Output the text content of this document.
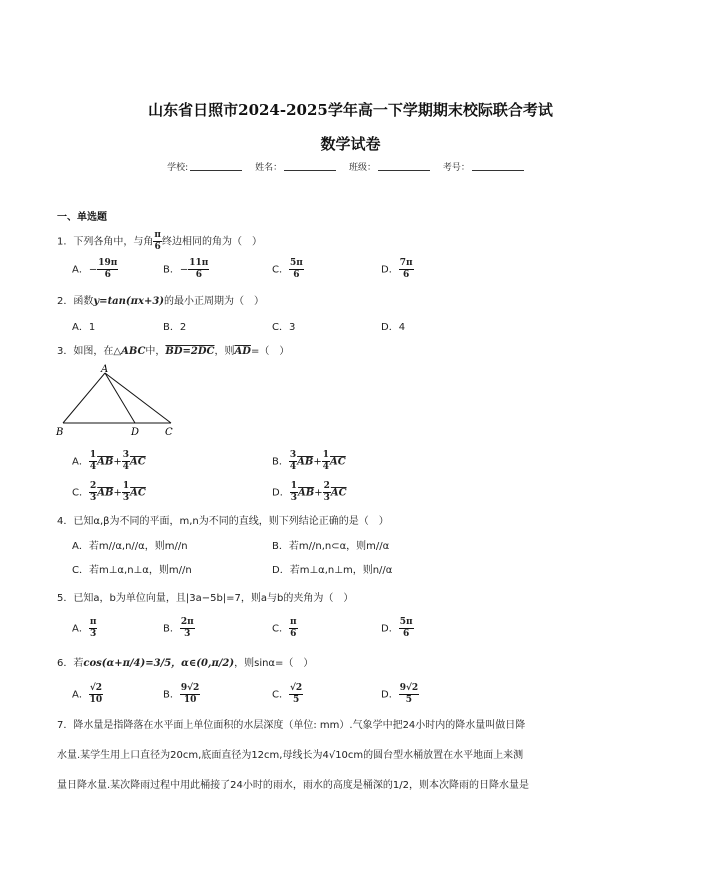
山东省日照市2024-2025学年高一下学期期末校际联合考试
数学试卷
学校:	姓名：	班级：	考号：
一、单选题
1．下列各角中，与角 $\frac{\pi}{6}$ 终边相同的角为（　）
A．− $\frac{19\pi}{6}$	B．− $\frac{11\pi}{6}$	C． $\frac{5\pi}{6}$	D． $\frac{7\pi}{6}$
2．函数y=tan(πx+3)的最小正周期为（　）
A．1	B．2	C．3	D．4
3．如图，在△ABC中，BD=2DC，则$\overline{AD}=$（　）
A
B	D	C
A． $\frac{1}{4} \overline{AB}+ \frac{3}{4} \overline{AC}$	B． $\frac{3}{4} \overline{AB}+ \frac{1}{4} \overline{AC}$
C． $\frac{2}{3} \overline{AB}+ \frac{1}{3} \overline{AC}$	D． $\frac{1}{3} \overline{AB}+ \frac{2}{3} \overline{AC}$
4．已知α,β为不同的平面，m,n为不同的直线，则下列结论正确的是（　）
A．若m//α,n//α，则m//n	B．若m//n,n⊂α，则m//α
C．若m⊥α,n⊥α，则m//n	D．若m⊥α,n⊥m，则n//α
5．已知a，b为单位向量，且|3a−5b|=7，则a与b的夹角为（　）
A． $\frac{\pi}{3}$	B． $\frac{2\pi}{3}$	C． $\frac{\pi}{6}$	D． $\frac{5\pi}{6}$
6．若cos(α+π/4)=3/5，α∈(0,π/2)，则sinα=（　）
A． $\frac{√2}{10}$	B． $\frac{9√2}{10}$	C． $\frac{√2}{5}$	D． $\frac{9√2}{5}$
7．降水量是指降落在水平面上单位面积的水层深度（单位: mm）.气象学中把24小时内的降水量叫做日降
水量.某学生用上口直径为20cm,底面直径为12cm,母线长为4√10cm的圆台型水桶放置在水平地面上来测
量日降水量.某次降雨过程中用此桶接了24小时的雨水，雨水的高度是桶深的1/2，则本次降雨的日降水量是
